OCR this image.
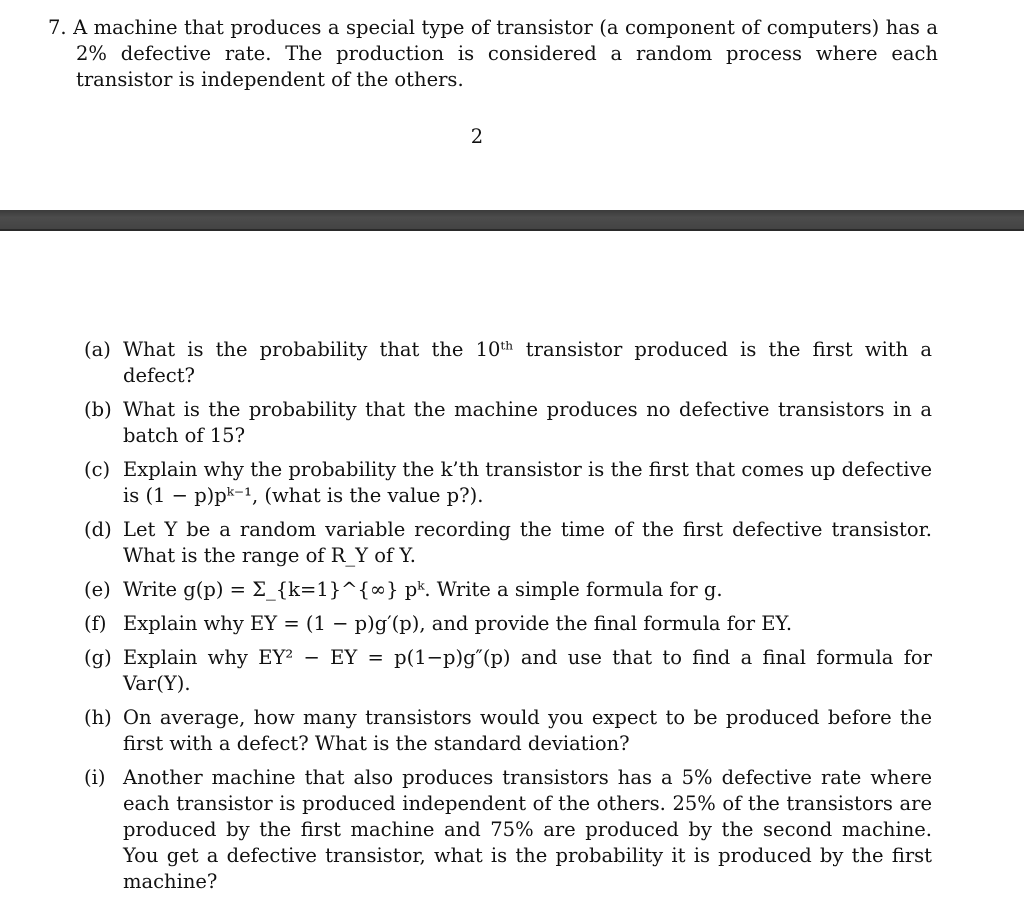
7. A machine that produces a special type of transistor (a component of computers) has a 2% defective rate. The production is considered a random process where each transistor is independent of the others.
2
(a) What is the probability that the 10ᵗʰ transistor produced is the first with a defect?
(b) What is the probability that the machine produces no defective transistors in a batch of 15?
(c) Explain why the probability the k’th transistor is the first that comes up defective is (1 − p)pᵏ⁻¹, (what is the value p?).
(d) Let Y be a random variable recording the time of the first defective transistor. What is the range of R_Y of Y.
(e) Write g(p) = Σ_{k=1}^{∞} pᵏ. Write a simple formula for g.
(f) Explain why EY = (1 − p)g′(p), and provide the final formula for EY.
(g) Explain why EY² − EY = p(1−p)g″(p) and use that to find a final formula for Var(Y).
(h) On average, how many transistors would you expect to be produced before the first with a defect? What is the standard deviation?
(i) Another machine that also produces transistors has a 5% defective rate where each transistor is produced independent of the others. 25% of the transistors are produced by the first machine and 75% are produced by the second machine. You get a defective transistor, what is the probability it is produced by the first machine?
